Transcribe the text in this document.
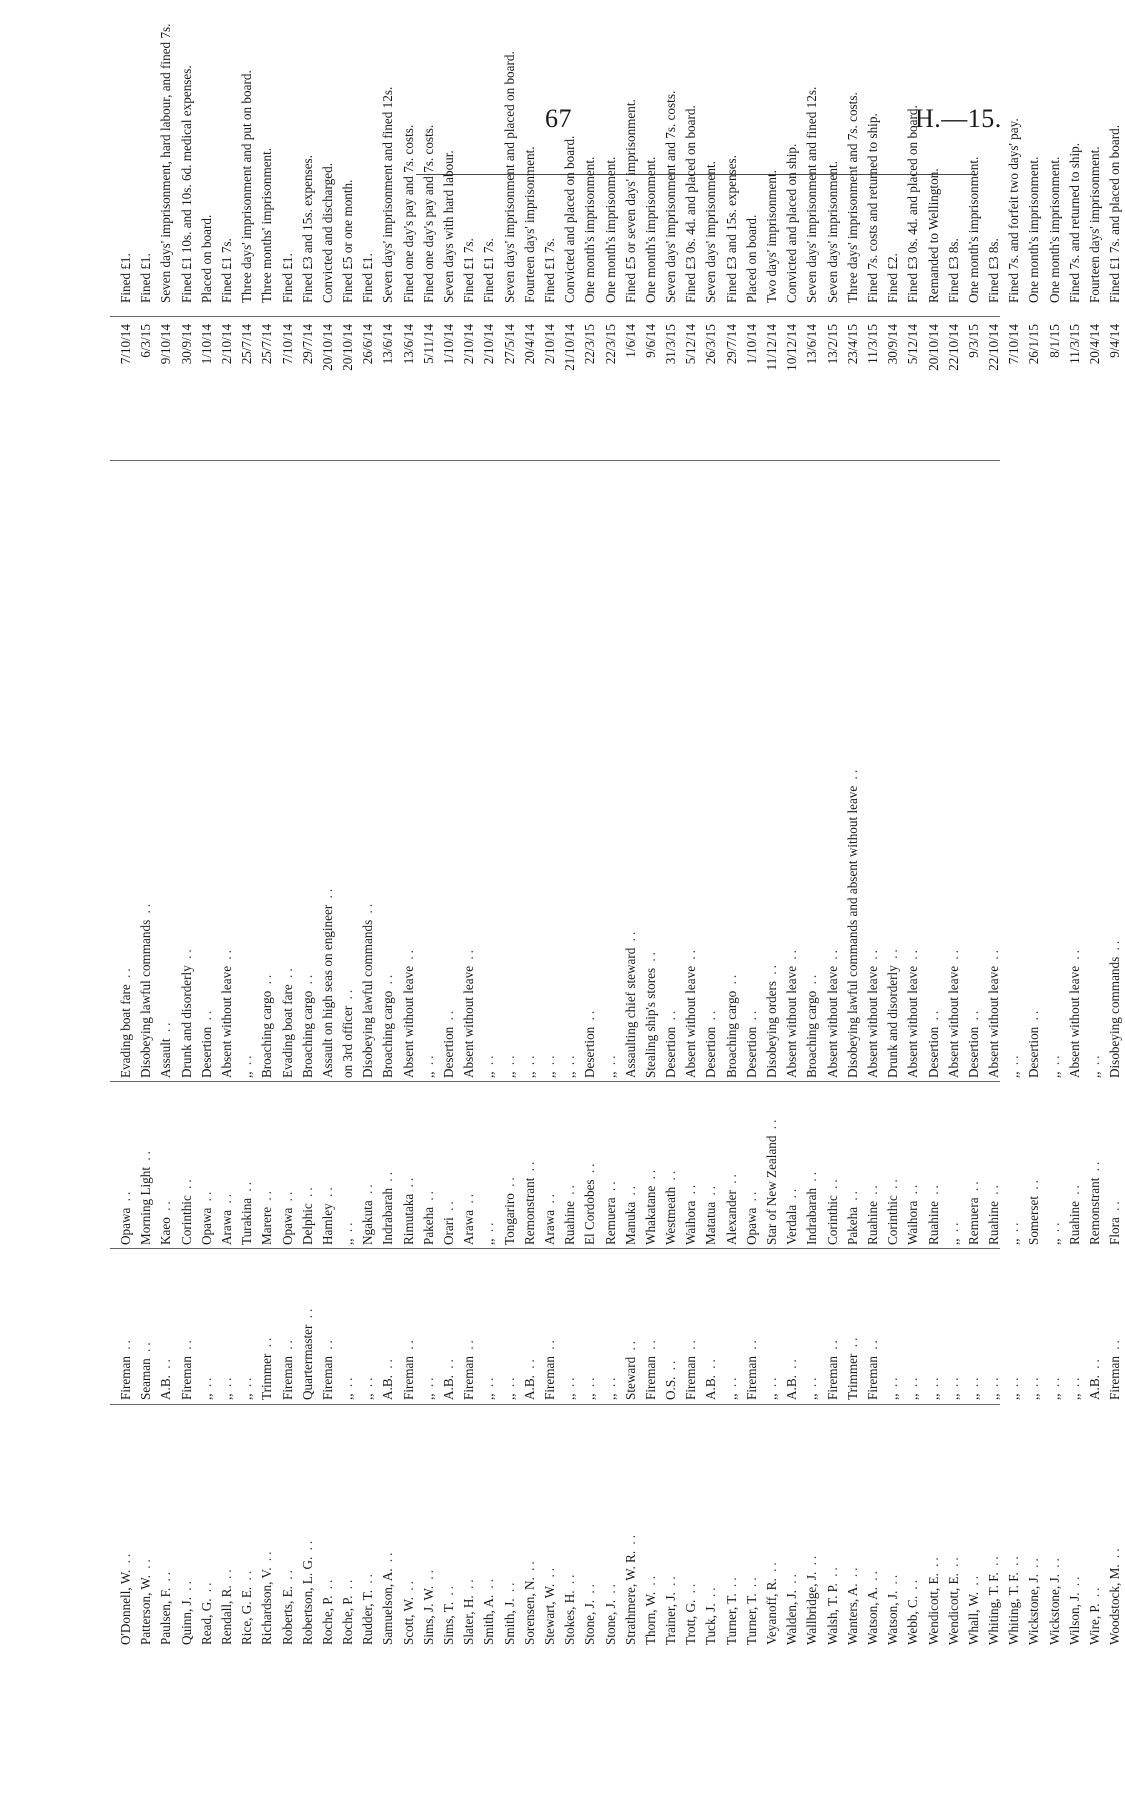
67	H.—15.
O'Donnell, W. ..
Fireman ..
Opawa ..
Evading boat fare ..
7/10/14
Fined £1.
Patterson, W. ..
Seaman ..
Morning Light ..
Disobeying lawful commands ..
6/3/15
Fined £1.
Paulsen, F. ..
A.B. ..
Kaeo ..
Assault ..
9/10/14
Seven days' imprisonment, hard labour, and fined 7s.
Quinn, J. ..
Fireman ..
Corinthic ..
Drunk and disorderly ..
30/9/14
Fined £1 10s. and 10s. 6d. medical expenses.
Read, G. ..
,, ..
Opawa ..
Desertion ..
1/10/14
Placed on board.
Rendall, R. ..
,, ..
Arawa ..
Absent without leave ..
2/10/14
Fined £1 7s.
Rice, G. E. ..
,, ..
Turakina ..
,, ..
25/7/14
Three days' imprisonment and put on board.
Richardson, V. ..
Trimmer ..
Marere ..
Broaching cargo ..
25/7/14
Three months' imprisonment.
Roberts, E. ..
Fireman ..
Opawa ..
Evading boat fare ..
7/10/14
Fined £1.
Robertson, L. G. ..
Quartermaster ..
Delphic ..
Broaching cargo ..
29/7/14
Fined £3 and 15s. expenses.
Roche, P. ..
Fireman ..
Hamley ..
Assault on high seas on engineer ..
20/10/14
Convicted and discharged.
Roche, P. ..
,, ..
,, ..
on 3rd officer ..
20/10/14
Fined £5 or one month.
Rudder, T. ..
,, ..
Ngakuta ..
Disobeying lawful commands ..
26/6/14
Fined £1.
Samuelson, A. ..
A.B. ..
Indrabarah ..
Broaching cargo ..
13/6/14
Seven days' imprisonment and fined 12s.
Scott, W. ..
Fireman ..
Rimutaka ..
Absent without leave ..
13/6/14
Fined one day's pay and 7s. costs.
Sims, J. W. ..
,, ..
Pakeha ..
,, ..
5/11/14
Fined one day's pay and 7s. costs.
Sims, T. ..
A.B. ..
Orari ..
Desertion ..
1/10/14
Seven days with hard labour.
Slater, H. ..
Fireman ..
Arawa ..
Absent without leave ..
2/10/14
Fined £1 7s.
Smith, A. ..
,, ..
,, ..
,, ..
2/10/14
Fined £1 7s.
Smith, J. ..
,, ..
Tongariro ..
,, ..
27/5/14
Seven days' imprisonment and placed on board.
Sorensen, N. ..
A.B. ..
Remonstrant ..
,, ..
20/4/14
Fourteen days' imprisonment.
Stewart, W. ..
Fireman ..
Arawa ..
,, ..
2/10/14
Fined £1 7s.
Stokes, H. ..
,, ..
Ruahine ..
,, ..
21/10/14
Convicted and placed on board.
Stone, J. ..
,, ..
El Cordobes ..
Desertion ..
22/3/15
One month's imprisonment.
Stone, J. ..
,, ..
Remuera ..
,, ..
22/3/15
One month's imprisonment.
Strathmere, W. R. ..
Steward ..
Manuka ..
Assaulting chief steward ..
1/6/14
Fined £5 or seven days' imprisonment.
Thorn, W. ..
Fireman ..
Whakatane ..
Stealing ship's stores ..
9/6/14
One month's imprisonment.
Trainer, J. ..
O.S. ..
Westmeath ..
Desertion ..
31/3/15
Seven days' imprisonment and 7s. costs.
Trott, G. ..
Fireman ..
Waihora ..
Absent without leave ..
5/12/14
Fined £3 0s. 4d. and placed on board.
Tuck, J. ..
A.B. ..
Matatua ..
Desertion ..
26/3/15
Seven days' imprisonment.
Turner, T. ..
,, ..
Alexander ..
Broaching cargo ..
29/7/14
Fined £3 and 15s. expenses.
Turner, T. ..
Fireman ..
Opawa ..
Desertion ..
1/10/14
Placed on board.
Veyanoff, R. ..
,, ..
Star of New Zealand ..
Disobeying orders ..
11/12/14
Two days' imprisonment.
Walden, J. ..
A.B. ..
Verdala ..
Absent without leave ..
10/12/14
Convicted and placed on ship.
Wallbridge, J. ..
,, ..
Indrabarah ..
Broaching cargo ..
13/6/14
Seven days' imprisonment and fined 12s.
Walsh, T. P. ..
Fireman ..
Corinthic ..
Absent without leave ..
13/2/15
Seven days' imprisonment.
Wanters, A. ..
Trimmer ..
Pakeha ..
Disobeying lawful commands and absent without leave ..
23/4/15
Three days' imprisonment and 7s. costs.
Watson, A. ..
Fireman ..
Ruahine ..
Absent without leave ..
11/3/15
Fined 7s. costs and returned to ship.
Watson, J. ..
,, ..
Corinthic ..
Drunk and disorderly ..
30/9/14
Fined £2.
Webb, C. ..
,, ..
Waihora ..
Absent without leave ..
5/12/14
Fined £3 0s. 4d. and placed on board.
Wendicott, E. ..
,, ..
Ruahine ..
Desertion ..
20/10/14
Remanded to Wellington.
Wendicott, E. ..
,, ..
,, ..
Absent without leave ..
22/10/14
Fined £3 8s.
Whall, W. ..
,, ..
Remuera ..
Desertion ..
9/3/15
One month's imprisonment.
Whiting, T. F. ..
,, ..
Ruahine ..
Absent without leave ..
22/10/14
Fined £3 8s.
Whiting, T. F. ..
,, ..
,, ..
,, ..
7/10/14
Fined 7s. and forfeit two days' pay.
Wickstone, J. ..
,, ..
Somerset ..
Desertion ..
26/1/15
One month's imprisonment.
Wickstone, J. ..
,, ..
,, ..
,, ..
8/1/15
One month's imprisonment.
Wilson, J. ..
,, ..
Ruahine ..
Absent without leave ..
11/3/15
Fined 7s. and returned to ship.
Wire, P. ..
A.B. ..
Remonstrant ..
,, ..
20/4/14
Fourteen days' imprisonment.
Woodstock, M. ..
Fireman ..
Flora ..
Disobeying commands ..
9/4/14
Fined £1 7s. and placed on board.
